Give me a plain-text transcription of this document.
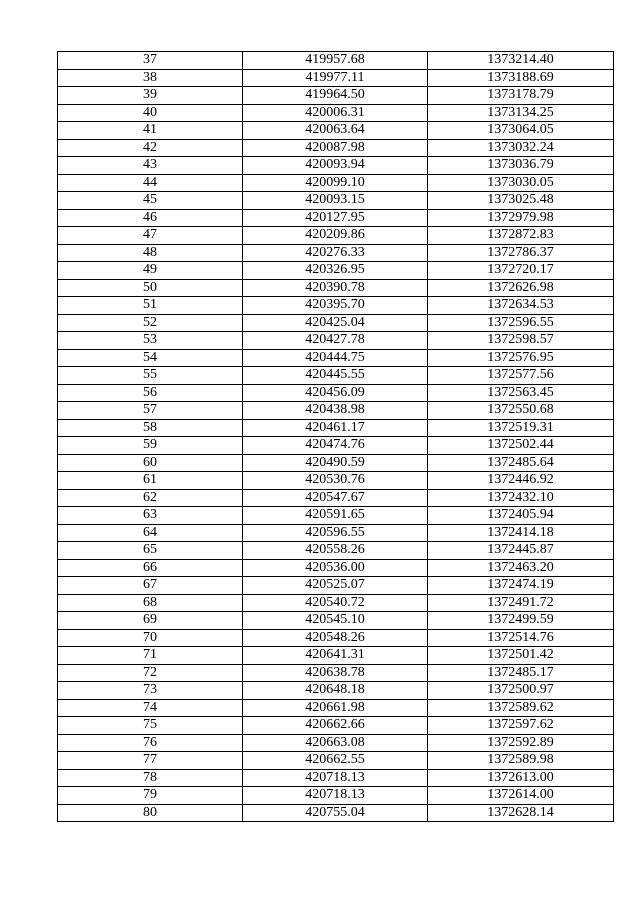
37	419957.68	1373214.40
38	419977.11	1373188.69
39	419964.50	1373178.79
40	420006.31	1373134.25
41	420063.64	1373064.05
42	420087.98	1373032.24
43	420093.94	1373036.79
44	420099.10	1373030.05
45	420093.15	1373025.48
46	420127.95	1372979.98
47	420209.86	1372872.83
48	420276.33	1372786.37
49	420326.95	1372720.17
50	420390.78	1372626.98
51	420395.70	1372634.53
52	420425.04	1372596.55
53	420427.78	1372598.57
54	420444.75	1372576.95
55	420445.55	1372577.56
56	420456.09	1372563.45
57	420438.98	1372550.68
58	420461.17	1372519.31
59	420474.76	1372502.44
60	420490.59	1372485.64
61	420530.76	1372446.92
62	420547.67	1372432.10
63	420591.65	1372405.94
64	420596.55	1372414.18
65	420558.26	1372445.87
66	420536.00	1372463.20
67	420525.07	1372474.19
68	420540.72	1372491.72
69	420545.10	1372499.59
70	420548.26	1372514.76
71	420641.31	1372501.42
72	420638.78	1372485.17
73	420648.18	1372500.97
74	420661.98	1372589.62
75	420662.66	1372597.62
76	420663.08	1372592.89
77	420662.55	1372589.98
78	420718.13	1372613.00
79	420718.13	1372614.00
80	420755.04	1372628.14
